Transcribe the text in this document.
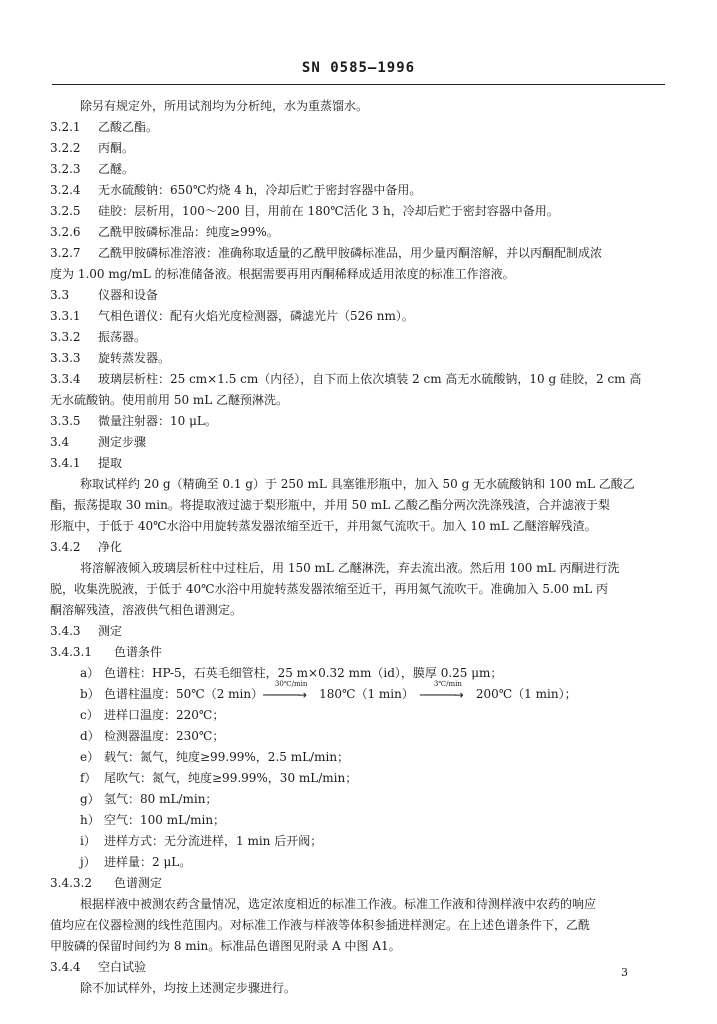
SN 0585—1996
除另有规定外，所用试剂均为分析纯，水为重蒸馏水。
3.2.1 乙酸乙酯。
3.2.2 丙酮。
3.2.3 乙醚。
3.2.4 无水硫酸钠：650℃灼烧 4 h，冷却后贮于密封容器中备用。
3.2.5 硅胶：层析用，100～200 目，用前在 180℃活化 3 h，冷却后贮于密封容器中备用。
3.2.6 乙酰甲胺磷标准品：纯度≥99%。
3.2.7 乙酰甲胺磷标准溶液：准确称取适量的乙酰甲胺磷标准品，用少量丙酮溶解，并以丙酮配制成浓
度为 1.00 mg/mL 的标准储备液。根据需要再用丙酮稀释成适用浓度的标准工作溶液。
3.3 仪器和设备
3.3.1 气相色谱仪：配有火焰光度检测器，磷滤光片（526 nm）。
3.3.2 振荡器。
3.3.3 旋转蒸发器。
3.3.4 玻璃层析柱：25 cm×1.5 cm（内径），自下而上依次填装 2 cm 高无水硫酸钠，10 g 硅胶，2 cm 高
无水硫酸钠。使用前用 50 mL 乙醚预淋洗。
3.3.5 微量注射器：10 μL。
3.4 测定步骤
3.4.1 提取
称取试样约 20 g（精确至 0.1 g）于 250 mL 具塞锥形瓶中，加入 50 g 无水硫酸钠和 100 mL 乙酸乙
酯，振荡提取 30 min。将提取液过滤于梨形瓶中，并用 50 mL 乙酸乙酯分两次洗涤残渣，合并滤液于梨
形瓶中，于低于 40℃水浴中用旋转蒸发器浓缩至近干，并用氮气流吹干。加入 10 mL 乙醚溶解残渣。
3.4.2 净化
将溶解液倾入玻璃层析柱中过柱后，用 150 mL 乙醚淋洗，弃去流出液。然后用 100 mL 丙酮进行洗
脱，收集洗脱液，于低于 40℃水浴中用旋转蒸发器浓缩至近干，再用氮气流吹干。准确加入 5.00 mL 丙
酮溶解残渣，溶液供气相色谱测定。
3.4.3 测定
3.4.3.1 色谱条件
a） 色谱柱：HP-5，石英毛细管柱，25 m×0.32 mm（id），膜厚 0.25 μm；
b） 色谱柱温度：50℃（2 min）
30℃/min
────────→	180℃（1 min）
3℃/min
────────→	200℃（1 min）；
c） 进样口温度：220℃；
d） 检测器温度：230℃；
e） 载气：氮气，纯度≥99.99%，2.5 mL/min；
f） 尾吹气：氮气，纯度≥99.99%，30 mL/min；
g） 氢气：80 mL/min；
h） 空气：100 mL/min；
i） 进样方式：无分流进样，1 min 后开阀；
j） 进样量：2 μL。
3.4.3.2 色谱测定
根据样液中被测农药含量情况，选定浓度相近的标准工作液。标准工作液和待测样液中农药的响应
值均应在仪器检测的线性范围内。对标准工作液与样液等体积参插进样测定。在上述色谱条件下，乙酰
甲胺磷的保留时间约为 8 min。标准品色谱图见附录 A 中图 A1。
3.4.4 空白试验
除不加试样外，均按上述测定步骤进行。
3
